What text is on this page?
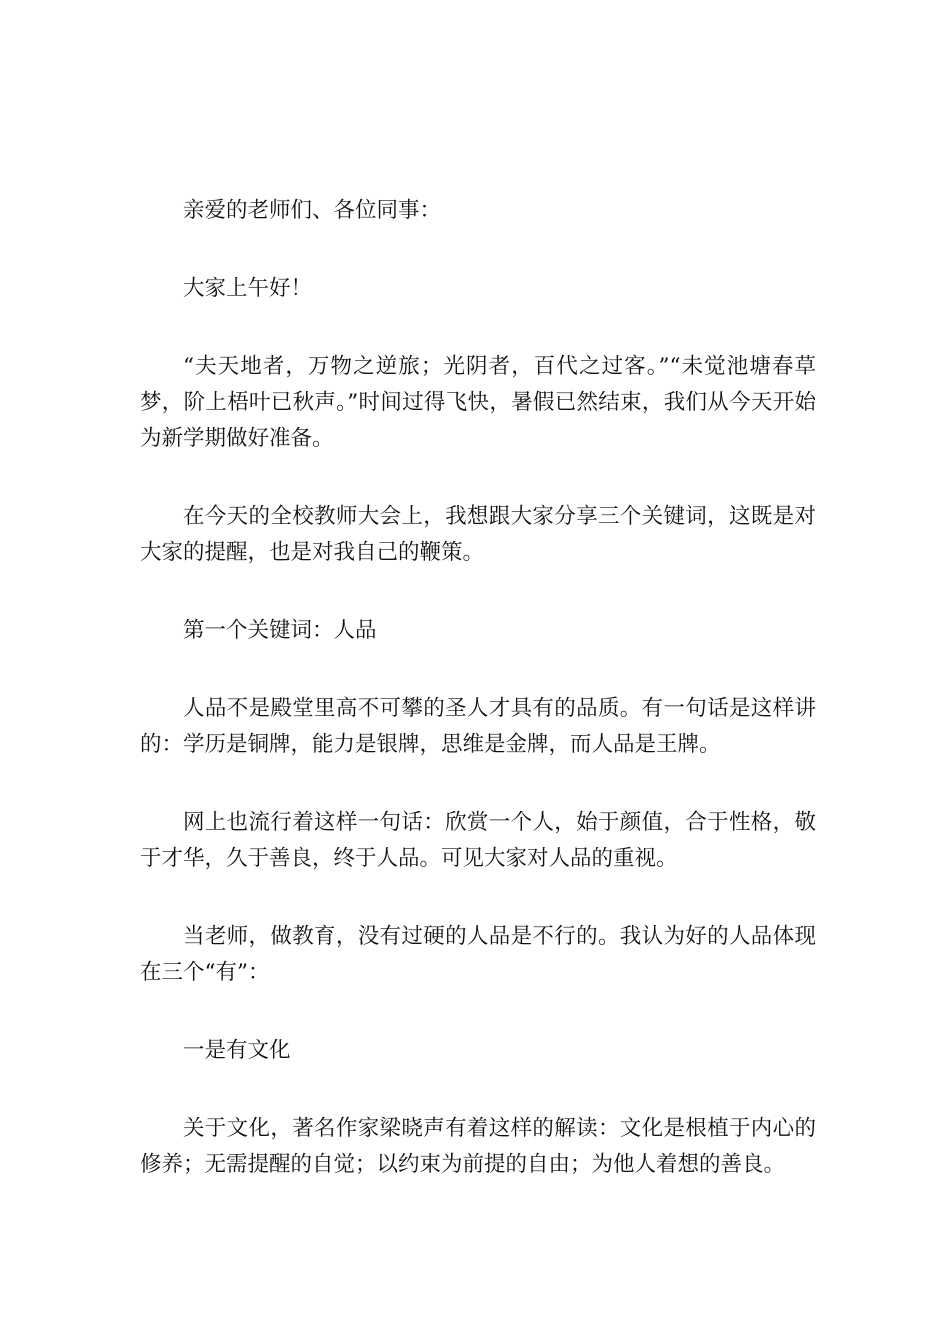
亲爱的老师们、各位同事：

大家上午好！

“夫天地者，万物之逆旅；光阴者，百代之过客。”“未觉池塘春草梦，阶上梧叶已秋声。”时间过得飞快，暑假已然结束，我们从今天开始为新学期做好准备。

在今天的全校教师大会上，我想跟大家分享三个关键词，这既是对大家的提醒，也是对我自己的鞭策。

第一个关键词：人品

人品不是殿堂里高不可攀的圣人才具有的品质。有一句话是这样讲的：学历是铜牌，能力是银牌，思维是金牌，而人品是王牌。

网上也流行着这样一句话：欣赏一个人，始于颜值，合于性格，敬于才华，久于善良，终于人品。可见大家对人品的重视。

当老师，做教育，没有过硬的人品是不行的。我认为好的人品体现在三个“有”：

一是有文化

关于文化，著名作家梁晓声有着这样的解读：文化是根植于内心的修养；无需提醒的自觉；以约束为前提的自由；为他人着想的善良。
